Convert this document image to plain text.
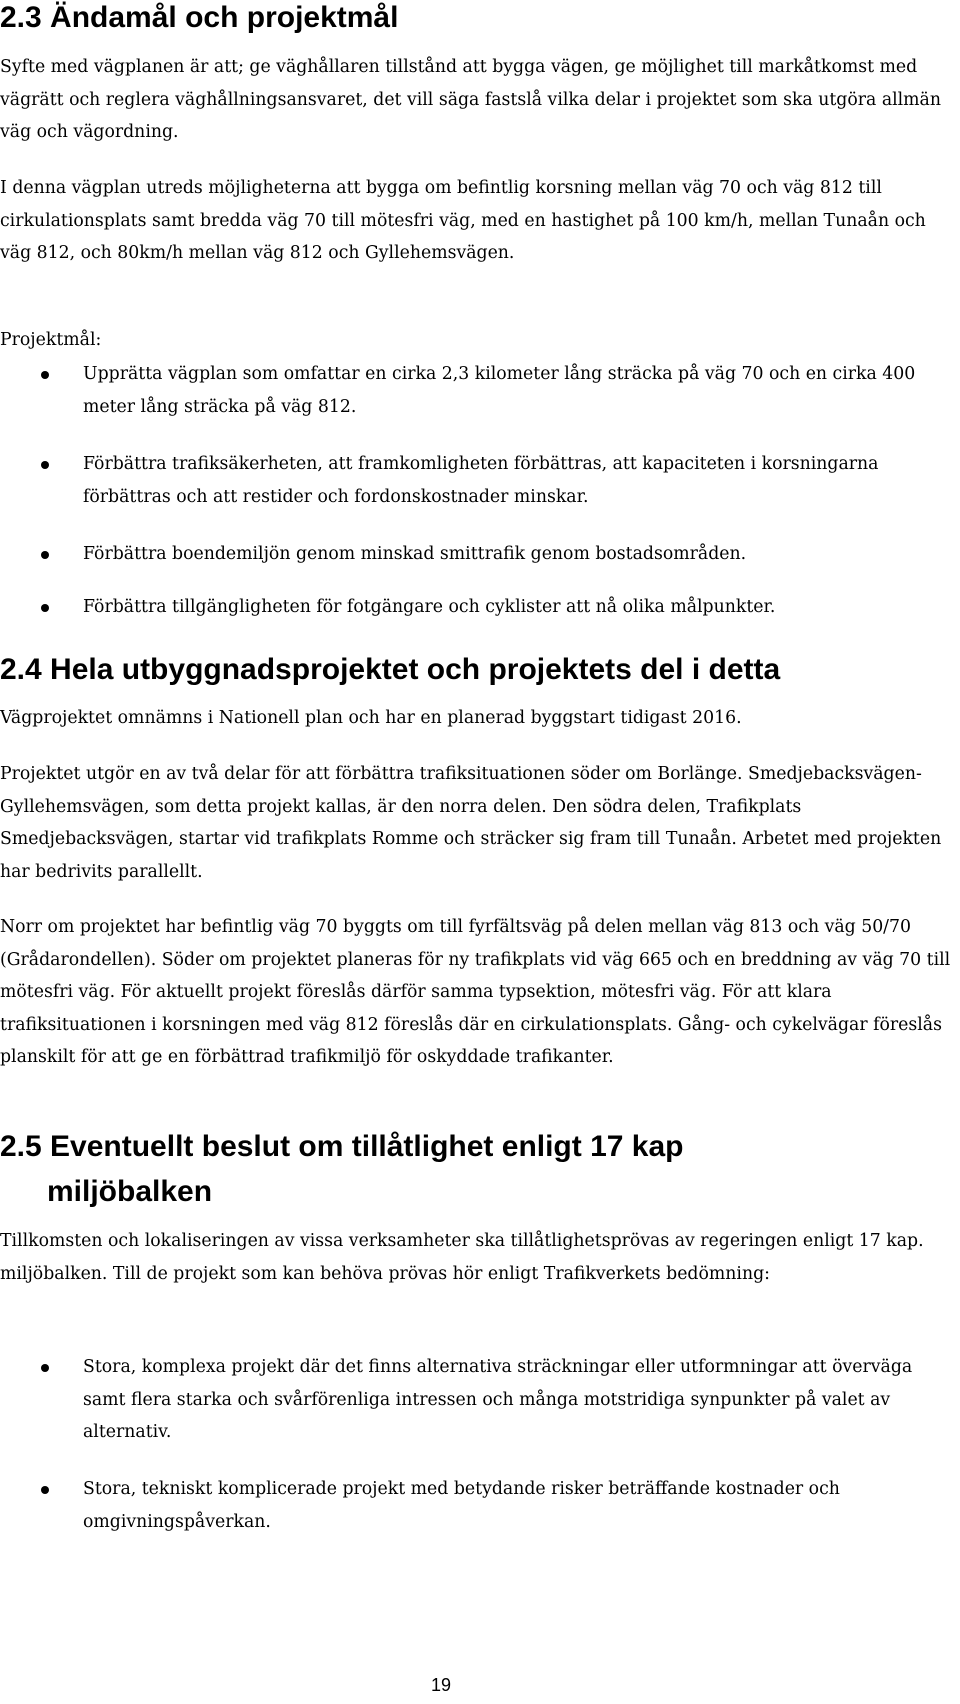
2.3 Ändamål och projektmål

Syfte med vägplanen är att; ge väghållaren tillstånd att bygga vägen, ge möjlighet till markåtkomst med vägrätt och reglera väghållningsansvaret, det vill säga fastslå vilka delar i projektet som ska utgöra allmän väg och vägordning.

I denna vägplan utreds möjligheterna att bygga om befintlig korsning mellan väg 70 och väg 812 till cirkulationsplats samt bredda väg 70 till mötesfri väg, med en hastighet på 100 km/h, mellan Tunaån och väg 812, och 80km/h mellan väg 812 och Gyllehemsvägen.

Projektmål:

Upprätta vägplan som omfattar en cirka 2,3 kilometer lång sträcka på väg 70 och en cirka 400 meter lång sträcka på väg 812.

Förbättra trafiksäkerheten, att framkomligheten förbättras, att kapaciteten i korsningarna förbättras och att restider och fordonskostnader minskar.

Förbättra boendemiljön genom minskad smittrafik genom bostadsområden.

Förbättra tillgängligheten för fotgängare och cyklister att nå olika målpunkter.

2.4 Hela utbyggnadsprojektet och projektets del i detta

Vägprojektet omnämns i Nationell plan och har en planerad byggstart tidigast 2016.

Projektet utgör en av två delar för att förbättra trafiksituationen söder om Borlänge. Smedjebacksvägen-Gyllehemsvägen, som detta projekt kallas, är den norra delen. Den södra delen, Trafikplats Smedjebacksvägen, startar vid trafikplats Romme och sträcker sig fram till Tunaån. Arbetet med projekten har bedrivits parallellt.

Norr om projektet har befintlig väg 70 byggts om till fyrfältsväg på delen mellan väg 813 och väg 50/70 (Grådarondellen). Söder om projektet planeras för ny trafikplats vid väg 665 och en breddning av väg 70 till mötesfri väg. För aktuellt projekt föreslås därför samma typsektion, mötesfri väg. För att klara trafiksituationen i korsningen med väg 812 föreslås där en cirkulationsplats. Gång- och cykelvägar föreslås planskilt för att ge en förbättrad trafikmiljö för oskyddade trafikanter.

2.5 Eventuellt beslut om tillåtlighet enligt 17 kap
miljöbalken

Tillkomsten och lokaliseringen av vissa verksamheter ska tillåtlighetsprövas av regeringen enligt 17 kap. miljöbalken. Till de projekt som kan behöva prövas hör enligt Trafikverkets bedömning:

Stora, komplexa projekt där det finns alternativa sträckningar eller utformningar att överväga samt flera starka och svårförenliga intressen och många motstridiga synpunkter på valet av alternativ.

Stora, tekniskt komplicerade projekt med betydande risker beträffande kostnader och omgivningspåverkan.

19
